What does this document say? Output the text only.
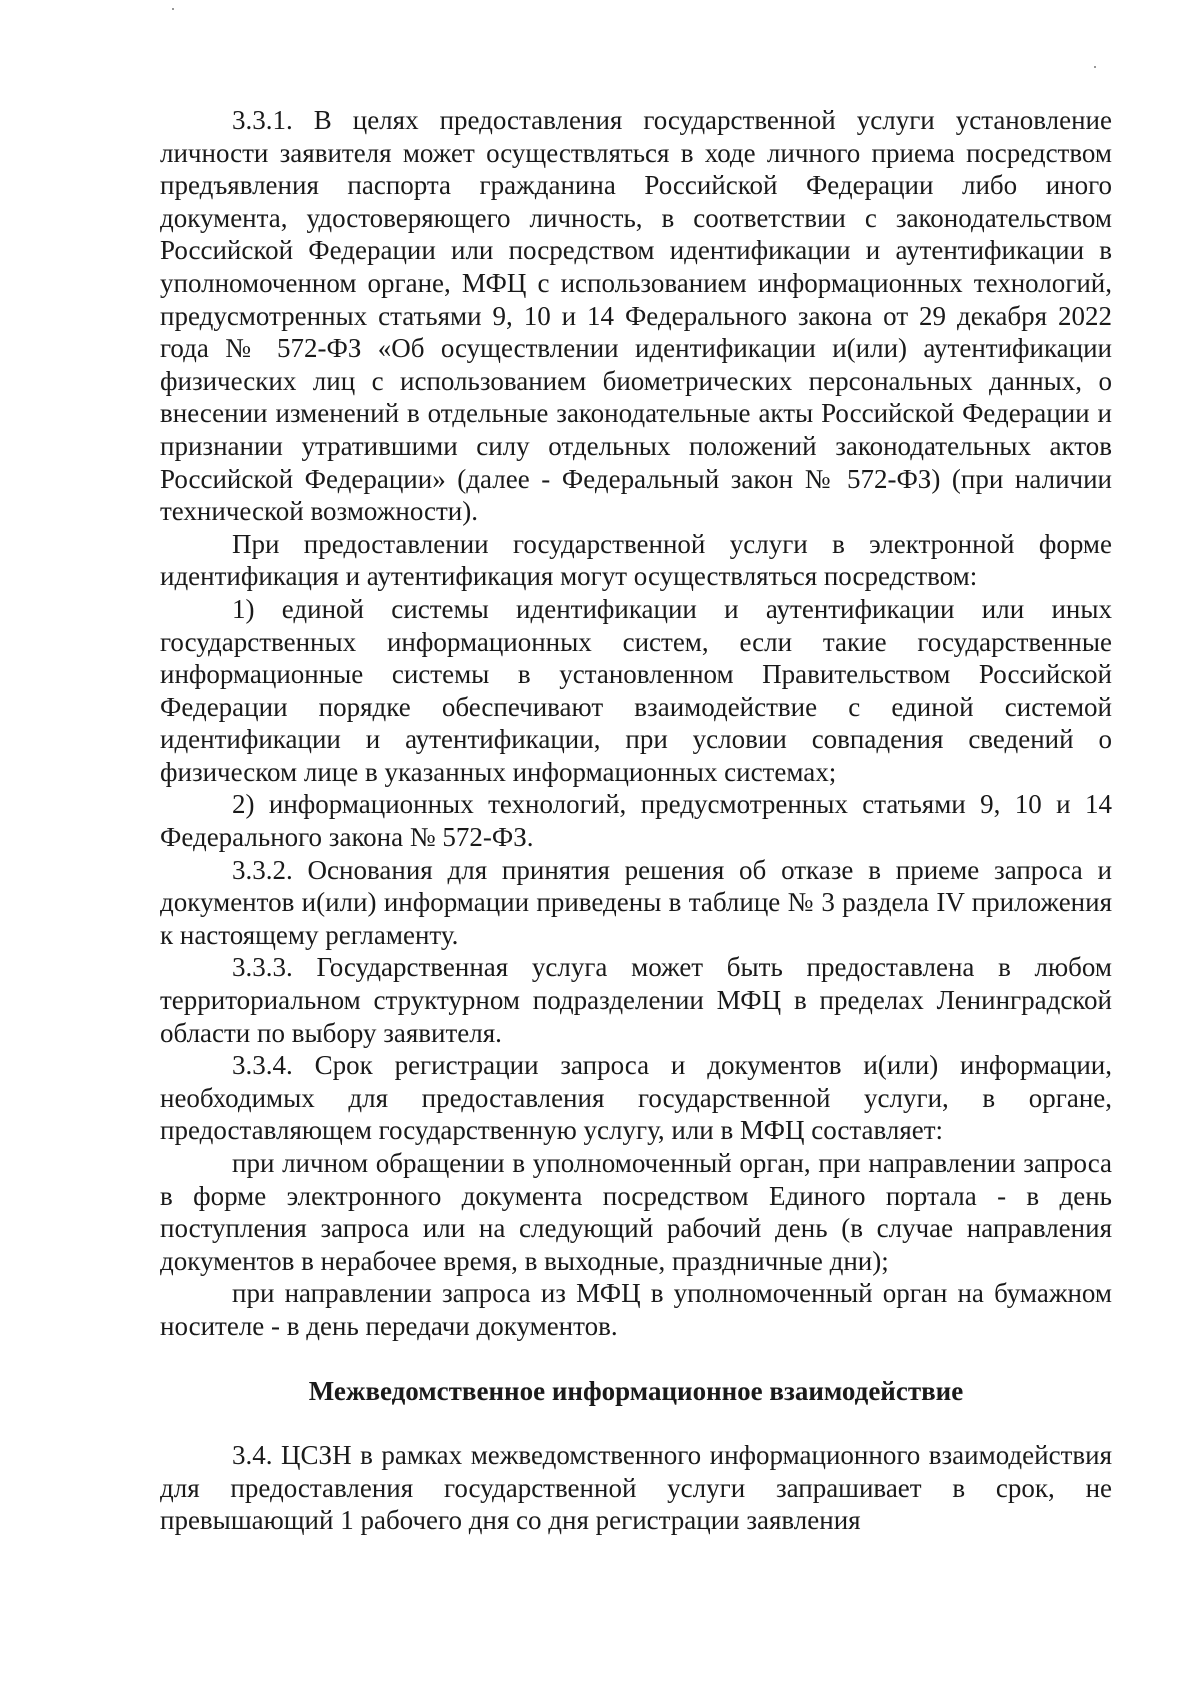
3.3.1. В целях предоставления государственной услуги установление личности заявителя может осуществляться в ходе личного приема посредством предъявления паспорта гражданина Российской Федерации либо иного документа, удостоверяющего личность, в соответствии с законодательством Российской Федерации или посредством идентификации и аутентификации в уполномоченном органе, МФЦ с использованием информационных технологий, предусмотренных статьями 9, 10 и 14 Федерального закона от 29 декабря 2022 года № 572-ФЗ «Об осуществлении идентификации и(или) аутентификации физических лиц с использованием биометрических персональных данных, о внесении изменений в отдельные законодательные акты Российской Федерации и признании утратившими силу отдельных положений законодательных актов Российской Федерации» (далее - Федеральный закон № 572-ФЗ) (при наличии технической возможности).

При предоставлении государственной услуги в электронной форме идентификация и аутентификация могут осуществляться посредством:

1) единой системы идентификации и аутентификации или иных государственных информационных систем, если такие государственные информационные системы в установленном Правительством Российской Федерации порядке обеспечивают взаимодействие с единой системой идентификации и аутентификации, при условии совпадения сведений о физическом лице в указанных информационных системах;

2) информационных технологий, предусмотренных статьями 9, 10 и 14 Федерального закона № 572-ФЗ.

3.3.2. Основания для принятия решения об отказе в приеме запроса и документов и(или) информации приведены в таблице № 3 раздела IV приложения к настоящему регламенту.

3.3.3. Государственная услуга может быть предоставлена в любом территориальном структурном подразделении МФЦ в пределах Ленинградской области по выбору заявителя.

3.3.4. Срок регистрации запроса и документов и(или) информации, необходимых для предоставления государственной услуги, в органе, предоставляющем государственную услугу, или в МФЦ составляет:

при личном обращении в уполномоченный орган, при направлении запроса в форме электронного документа посредством Единого портала - в день поступления запроса или на следующий рабочий день (в случае направления документов в нерабочее время, в выходные, праздничные дни);

при направлении запроса из МФЦ в уполномоченный орган на бумажном носителе - в день передачи документов.

Межведомственное информационное взаимодействие

3.4. ЦСЗН в рамках межведомственного информационного взаимодействия для предоставления государственной услуги запрашивает в срок, не превышающий 1 рабочего дня со дня регистрации заявления
